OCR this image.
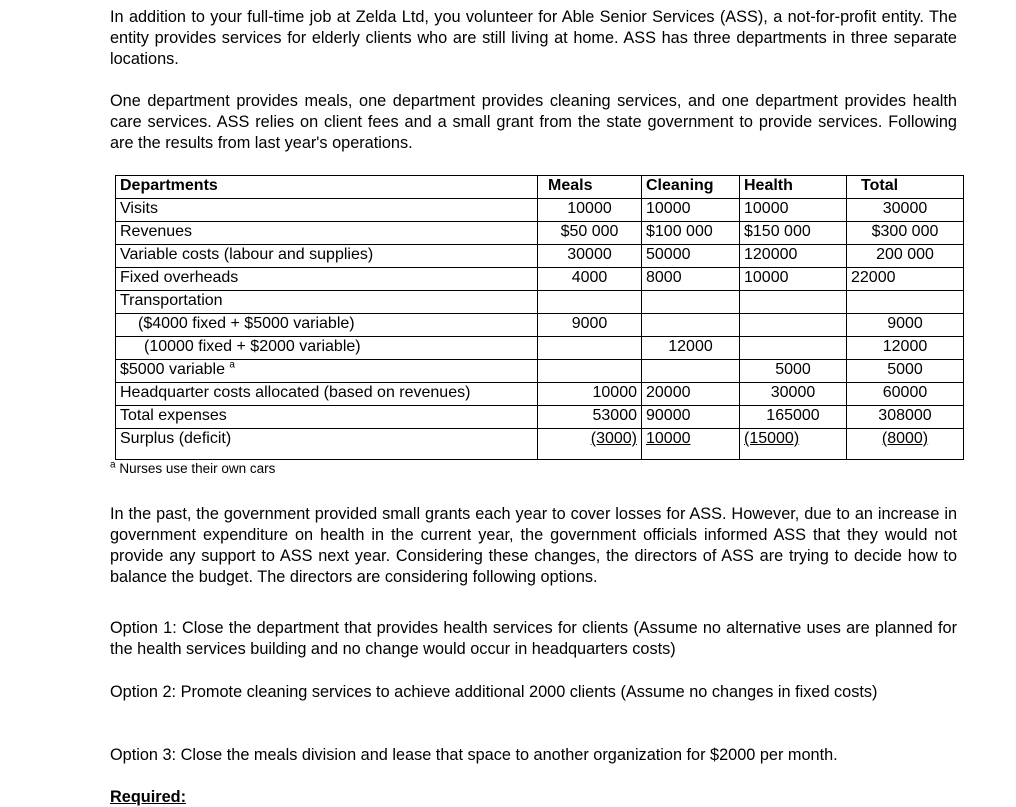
In addition to your full-time job at Zelda Ltd, you volunteer for Able Senior Services (ASS), a not-for-profit entity. The entity provides services for elderly clients who are still living at home. ASS has three departments in three separate locations.

One department provides meals, one department provides cleaning services, and one department provides health care services. ASS relies on client fees and a small grant from the state government to provide services. Following are the results from last year's operations.

Departments	Meals	Cleaning	Health	Total
Visits	10000	10000	10000	30000
Revenues	$50 000	$100 000	$150 000	$300 000
Variable costs (labour and supplies)	30000	50000	120000	200 000
Fixed overheads	4000	8000	10000	22000
Transportation				
($4000 fixed + $5000 variable)	9000			9000
(10000 fixed + $2000 variable)		12000		12000
$5000 variable $^a$			5000	5000
Headquarter costs allocated (based on revenues)	10000	20000	30000	60000
Total expenses	53000	90000	165000	308000
Surplus (deficit)	(3000)	10000	(15000)	(8000)

$^a$ Nurses use their own cars

In the past, the government provided small grants each year to cover losses for ASS. However, due to an increase in government expenditure on health in the current year, the government officials informed ASS that they would not provide any support to ASS next year. Considering these changes, the directors of ASS are trying to decide how to balance the budget. The directors are considering following options.

Option 1: Close the department that provides health services for clients (Assume no alternative uses are planned for the health services building and no change would occur in headquarters costs)

Option 2: Promote cleaning services to achieve additional 2000 clients (Assume no changes in fixed costs)

Option 3: Close the meals division and lease that space to another organization for $2000 per month.

Required:
